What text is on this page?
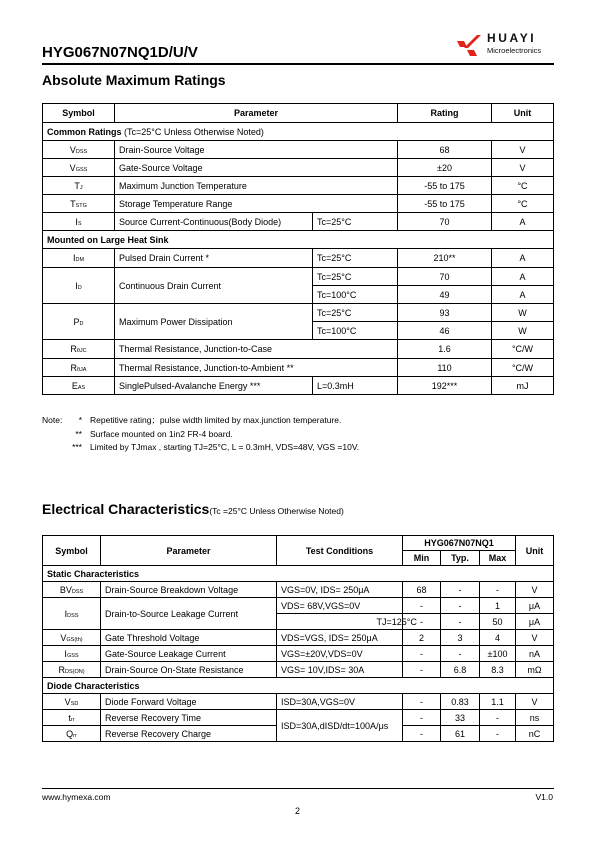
HYG067N07NQ1D/U/V
HUAYI
Microelectronics
Absolute Maximum Ratings
Symbol	Parameter		Rating	Unit
Common Ratings (Tc=25°C Unless Otherwise Noted)				
VDSS	Drain-Source Voltage		68	V
VGSS	Gate-Source Voltage		±20	V
TJ	Maximum Junction Temperature		-55 to 175	°C
TSTG	Storage Temperature Range		-55 to 175	°C
IS	Source Current-Continuous(Body Diode)	Tc=25°C	70	A
Mounted on Large Heat Sink				
IDM	Pulsed Drain Current *	Tc=25°C	210**	A
ID	Continuous Drain Current	Tc=25°C	70	A
		Tc=100°C	49	A
PD	Maximum Power Dissipation	Tc=25°C	93	W
		Tc=100°C	46	W
RθJC	Thermal Resistance, Junction-to-Case		1.6	°C/W
RθJA	Thermal Resistance, Junction-to-Ambient **		110	°C/W
EAS	SinglePulsed-Avalanche Energy ***	L=0.3mH	192***	mJ
Note:	* Repetitive rating；pulse width limited by max.junction temperature.
** Surface mounted on 1in2 FR-4 board.
*** Limited by TJmax , starting TJ=25°C, L = 0.3mH, VDS=48V, VGS =10V.
Electrical Characteristics(Tc =25°C Unless Otherwise Noted)
Symbol	Parameter	Test Conditions		HYG067N07NQ1			Unit
				Min	Typ.	Max	
Static Characteristics							
BVDSS	Drain-Source Breakdown Voltage	VGS=0V, IDS= 250μA		68	-	-	V
IDSS	Drain-to-Source Leakage Current	VDS= 68V,VGS=0V		-	-	1	μA
			TJ=125°C	-	-	50	μA
VGS(th)	Gate Threshold Voltage	VDS=VGS, IDS= 250μA		2	3	4	V
IGSS	Gate-Source Leakage Current	VGS=±20V,VDS=0V		-	-	±100	nA
RDS(ON)	Drain-Source On-State Resistance	VGS= 10V,IDS= 30A		-	6.8	8.3	mΩ
Diode Characteristics							
VSD	Diode Forward Voltage	ISD=30A,VGS=0V		-	0.83	1.1	V
trr	Reverse Recovery Time	ISD=30A,dISD/dt=100A/μs		-	33	-	ns
Qrr	Reverse Recovery Charge			-	61	-	nC
www.hymexa.com	V1.0
2
